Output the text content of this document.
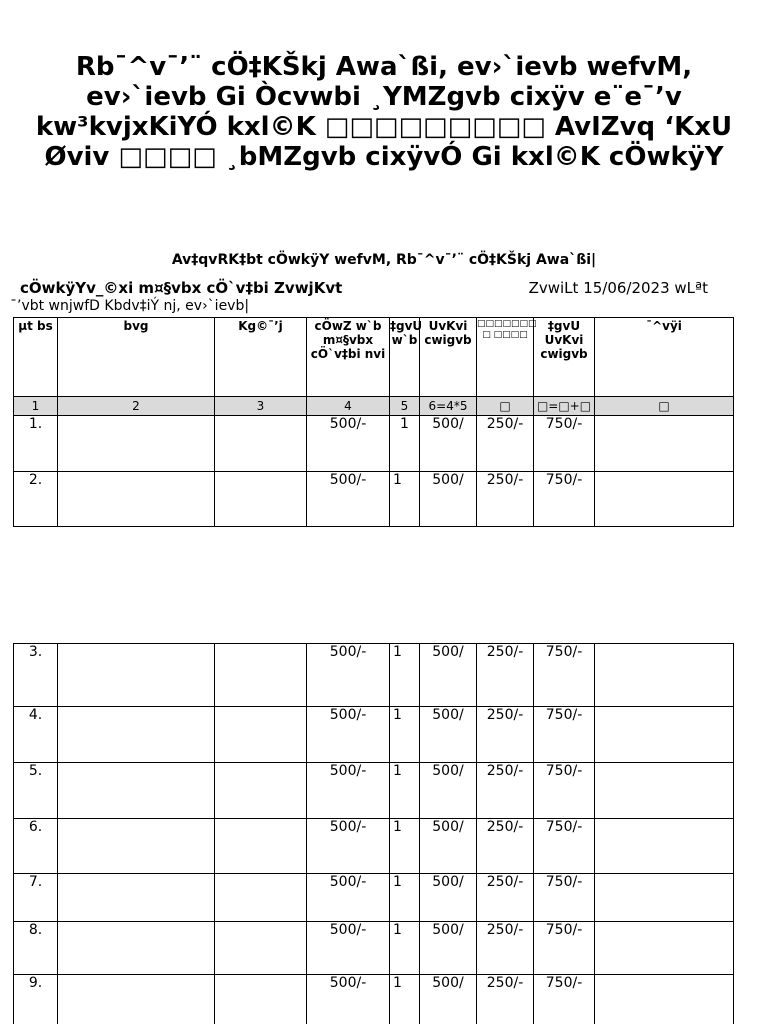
Rb¯^v¯’¨ cÖ‡KŠkj Awa`ßi, ev›`ievb wefvM, ev›`ievb Gi Òcvwbi ¸YMZgvb cixÿv e¨e¯’v kw³kvjxKiYÓ kxl©K □□□□□□□□□ AvIZvq ‘KxU Øviv □□□□ ¸bMZgvb cixÿvÓ Gi kxl©K cÖwkÿY
Av‡qvRK‡bt cÖwkÿY wefvM, Rb¯^v¯’¨ cÖ‡KŠkj Awa`ßi|
cÖwkÿYv_©xi m¤§vbx cÖ`v‡bi ZvwjKvt	ZvwiLt 15/06/2023 wLªt
¯’vbt wnjwfD Kbdv‡iÝ nj, ev›`ievb|
µt bs	bvg	Kg©¯’j	cÖwZ w`b m¤§vbx cÖ`v‡bi nvi	‡gvU w`b	UvKvi cwigvb	□□□□□□□ □ □□□□	‡gvU UvKvi cwigvb	¯^vÿi
1	2	3	4	5	6=4*5	□	□=□+□	□
1.			500/-	1	500/	250/-	750/-	
2.			500/-	1	500/	250/-	750/-	
3.			500/-	1	500/	250/-	750/-	
4.			500/-	1	500/	250/-	750/-	
5.			500/-	1	500/	250/-	750/-	
6.			500/-	1	500/	250/-	750/-	
7.			500/-	1	500/	250/-	750/-	
8.			500/-	1	500/	250/-	750/-	
9.			500/-	1	500/	250/-	750/-	
